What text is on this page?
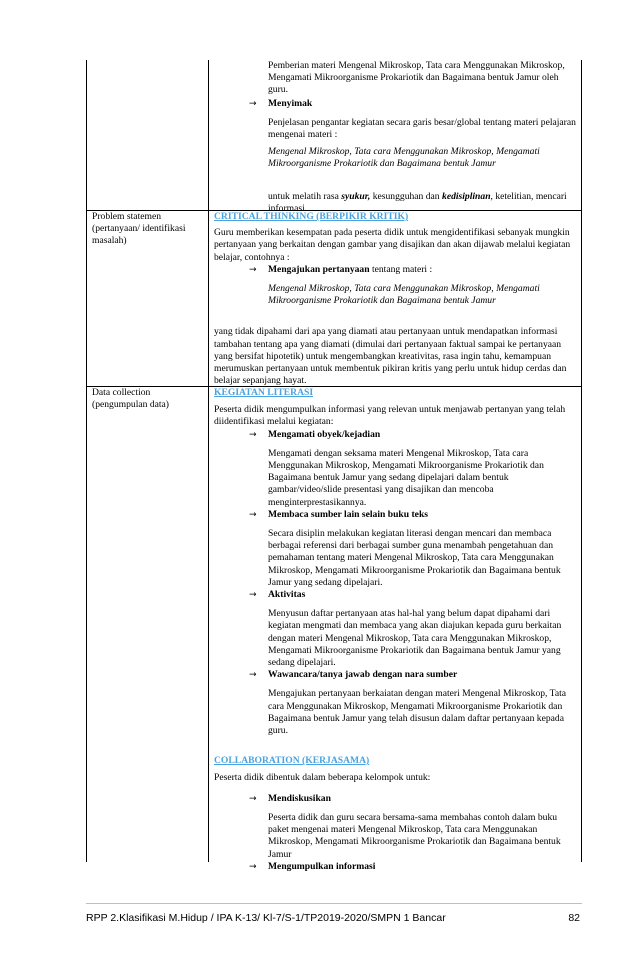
Pemberian materi Mengenal Mikroskop, Tata cara Menggunakan Mikroskop, Mengamati Mikroorganisme Prokariotik dan Bagaimana bentuk Jamur oleh guru.

→ Menyimak

Penjelasan pengantar kegiatan secara garis besar/global tentang materi pelajaran mengenai materi :

Mengenal Mikroskop, Tata cara Menggunakan Mikroskop, Mengamati Mikroorganisme Prokariotik dan Bagaimana bentuk Jamur

untuk melatih rasa syukur, kesungguhan dan kedisiplinan, ketelitian, mencari informasi.

Problem statemen (pertanyaan/ identifikasi masalah)

CRITICAL THINKING (BERPIKIR KRITIK)

Guru memberikan kesempatan pada peserta didik untuk mengidentifikasi sebanyak mungkin pertanyaan yang berkaitan dengan gambar yang disajikan dan akan dijawab melalui kegiatan belajar, contohnya :

→ Mengajukan pertanyaan tentang materi :

Mengenal Mikroskop, Tata cara Menggunakan Mikroskop, Mengamati Mikroorganisme Prokariotik dan Bagaimana bentuk Jamur

yang tidak dipahami dari apa yang diamati atau pertanyaan untuk mendapatkan informasi tambahan tentang apa yang diamati (dimulai dari pertanyaan faktual sampai ke pertanyaan yang bersifat hipotetik) untuk mengembangkan kreativitas, rasa ingin tahu, kemampuan merumuskan pertanyaan untuk membentuk pikiran kritis yang perlu untuk hidup cerdas dan belajar sepanjang hayat.

Data collection (pengumpulan data)

KEGIATAN LITERASI

Peserta didik mengumpulkan informasi yang relevan untuk menjawab pertanyan yang telah diidentifikasi melalui kegiatan:

→ Mengamati obyek/kejadian

Mengamati dengan seksama materi Mengenal Mikroskop, Tata cara Menggunakan Mikroskop, Mengamati Mikroorganisme Prokariotik dan Bagaimana bentuk Jamur yang sedang dipelajari dalam bentuk gambar/video/slide presentasi yang disajikan dan mencoba menginterprestasikannya.

→ Membaca sumber lain selain buku teks

Secara disiplin melakukan kegiatan literasi dengan mencari dan membaca berbagai referensi dari berbagai sumber guna menambah pengetahuan dan pemahaman tentang materi Mengenal Mikroskop, Tata cara Menggunakan Mikroskop, Mengamati Mikroorganisme Prokariotik dan Bagaimana bentuk Jamur yang sedang dipelajari.

→ Aktivitas

Menyusun daftar pertanyaan atas hal-hal yang belum dapat dipahami dari kegiatan mengmati dan membaca yang akan diajukan kepada guru berkaitan dengan materi Mengenal Mikroskop, Tata cara Menggunakan Mikroskop, Mengamati Mikroorganisme Prokariotik dan Bagaimana bentuk Jamur yang sedang dipelajari.

→ Wawancara/tanya jawab dengan nara sumber

Mengajukan pertanyaan berkaiatan dengan materi Mengenal Mikroskop, Tata cara Menggunakan Mikroskop, Mengamati Mikroorganisme Prokariotik dan Bagaimana bentuk Jamur yang telah disusun dalam daftar pertanyaan kepada guru.

COLLABORATION (KERJASAMA)

Peserta didik dibentuk dalam beberapa kelompok untuk:

→ Mendiskusikan

Peserta didik dan guru secara bersama-sama membahas contoh dalam buku paket mengenai materi Mengenal Mikroskop, Tata cara Menggunakan Mikroskop, Mengamati Mikroorganisme Prokariotik dan Bagaimana bentuk Jamur

→ Mengumpulkan informasi
RPP 2.Klasifikasi M.Hidup / IPA K-13/ Kl-7/S-1/TP2019-2020/SMPN 1 Bancar	82
